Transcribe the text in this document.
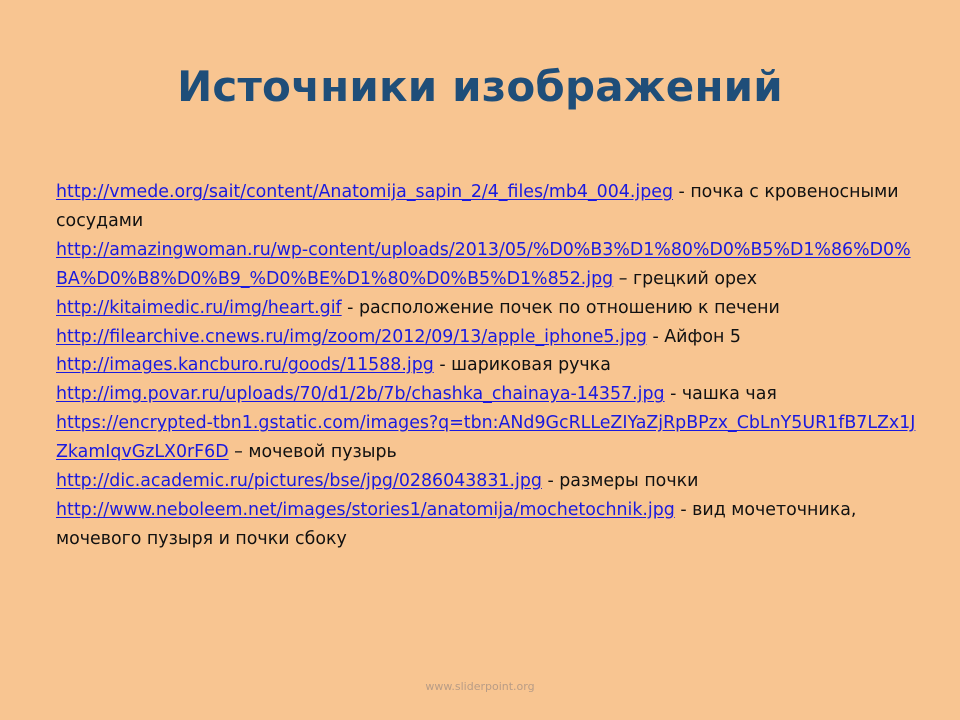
Источники изображений

http://vmede.org/sait/content/Anatomija_sapin_2/4_files/mb4_004.jpeg - почка с кровеносными сосудами

http://amazingwoman.ru/wp-content/uploads/2013/05/%D0%B3%D1%80%D0%B5%D1%86%D0%BA%D0%B8%D0%B9_%D0%BE%D1%80%D0%B5%D1%852.jpg – грецкий орех

http://kitaimedic.ru/img/heart.gif - расположение почек по отношению к печени

http://filearchive.cnews.ru/img/zoom/2012/09/13/apple_iphone5.jpg - Айфон 5

http://images.kancburo.ru/goods/11588.jpg - шариковая ручка

http://img.povar.ru/uploads/70/d1/2b/7b/chashka_chainaya-14357.jpg - чашка чая

https://encrypted-tbn1.gstatic.com/images?q=tbn:ANd9GcRLLeZIYaZjRpBPzx_CbLnY5UR1fB7LZx1JZkamIqvGzLX0rF6D – мочевой пузырь

http://dic.academic.ru/pictures/bse/jpg/0286043831.jpg - размеры почки

http://www.neboleem.net/images/stories1/anatomija/mochetochnik.jpg - вид мочеточника, мочевого пузыря и почки сбоку

www.sliderpoint.org
